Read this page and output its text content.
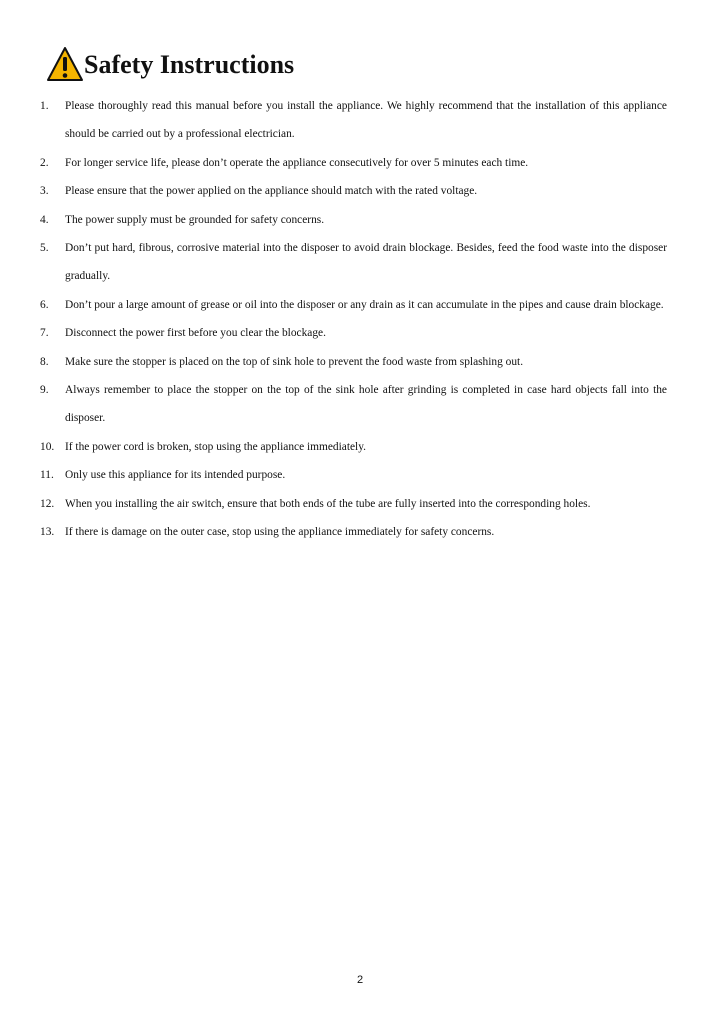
Safety Instructions
1.	Please thoroughly read this manual before you install the appliance. We highly recommend that the installation of this appliance should be carried out by a professional electrician.
2.	For longer service life, please don’t operate the appliance consecutively for over 5 minutes each time.
3.	Please ensure that the power applied on the appliance should match with the rated voltage.
4.	The power supply must be grounded for safety concerns.
5.	Don’t put hard, fibrous, corrosive material into the disposer to avoid drain blockage. Besides, feed the food waste into the disposer gradually.
6.	Don’t pour a large amount of grease or oil into the disposer or any drain as it can accumulate in the pipes and cause drain blockage.
7.	Disconnect the power first before you clear the blockage.
8.	Make sure the stopper is placed on the top of sink hole to prevent the food waste from splashing out.
9.	Always remember to place the stopper on the top of the sink hole after grinding is completed in case hard objects fall into the disposer.
10. If the power cord is broken, stop using the appliance immediately.
11. Only use this appliance for its intended purpose.
12. When you installing the air switch, ensure that both ends of the tube are fully inserted into the corresponding holes.
13. If there is damage on the outer case, stop using the appliance immediately for safety concerns.
2
